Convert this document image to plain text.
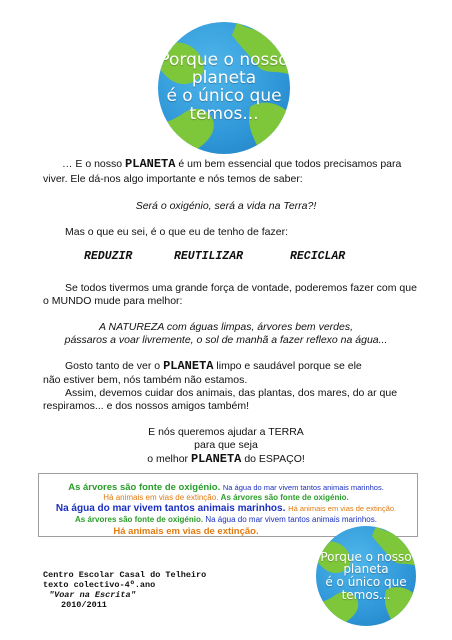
Porque o nosso
planeta
é o único que
temos...
… E o nosso PLANETA é um bem essencial que todos precisamos para
viver. Ele dá-nos algo importante e nós temos de saber:
Será o oxigénio, será a vida na Terra?!
Mas o que eu sei, é o que eu de tenho de fazer:
REDUZIR	REUTILIZAR	RECICLAR
Se todos tivermos uma grande força de vontade, poderemos fazer com que
o MUNDO mude para melhor:
A NATUREZA com águas limpas, árvores bem verdes,
pássaros a voar livremente, o sol de manhã a fazer reflexo na água...
Gosto tanto de ver o PLANETA limpo e saudável porque se ele
não estiver bem, nós também não estamos.
Assim, devemos cuidar dos animais, das plantas, dos mares, do ar que
respiramos... e dos nossos amigos também!
E nós queremos ajudar a TERRA
para que seja
o melhor PLANETA do ESPAÇO!
As árvores são fonte de oxigénio. Na água do mar vivem tantos animais marinhos.
Há animais em vias de extinção. As árvores são fonte de oxigénio.
Na água do mar vivem tantos animais marinhos. Há animais em vias de extinção.
As árvores são fonte de oxigénio. Na água do mar vivem tantos animais marinhos.
Há animais em vias de extinção.
Porque o nosso
planeta
é o único que
temos...
Centro Escolar Casal do Telheiro
texto colectivo-4º.ano
"Voar na Escrita"
2010/2011
